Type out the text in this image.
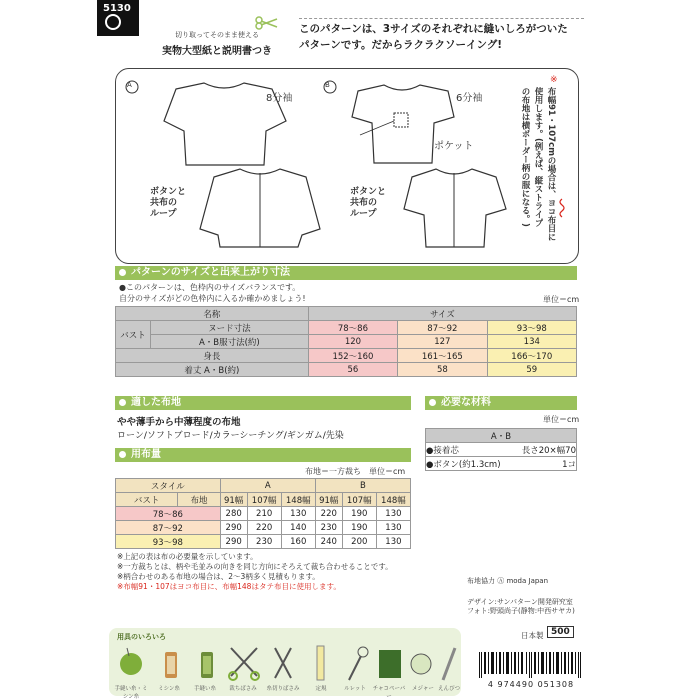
5130
切り取ってそのまま使える
実物大型紙と説明書つき
このパターンは、3サイズのそれぞれに縫いしろがついた
パターンです。だからラクラクソーイング!
A
8分袖
B
6分袖
ポケット
ボタンと
共布の
ループ
ボタンと
共布の
ループ
※
布幅91・107cmの場合は、ヨコ布目に
使用します。(例えば、縦ストライプ
の布地は横ボーダー柄の服になる。)
パターンのサイズと出来上がり寸法
●このパターンは、色枠内のサイズバランスです。
自分のサイズがどの色枠内に入るか確かめましょう!	単位＝cm
名称		サイズ		
バスト	ヌード寸法	78〜86	87〜92	93〜98
	A・B服寸法(約)	120	127	134
身長		152〜160	161〜165	166〜170
着丈 A・B(約)		56	58	59
適した布地
やや薄手から中薄程度の布地
ローン/ソフトブロード/カラーシーチング/ギンガム/先染
必要な材料
単位＝cm
A・B	
●接着芯	長さ20×幅70
●ボタン(約1.3cm)	1コ
用布量
布地＝一方裁ち　単位＝cm
スタイル		A			B		
バスト	布地	91幅	107幅	148幅	91幅	107幅	148幅
78〜86		280	210	130	220	190	130
87〜92		290	220	140	230	190	130
93〜98		290	230	160	240	200	130
※上記の表は布の必要量を示しています。
※一方裁ちとは、柄や毛並みの向きを同じ方向にそろえて裁ち合わせることです。
※柄合わせのある布地の場合は、2〜3柄多く見積もります。
※布幅91・107はヨコ布目に、布幅148はタテ布目に使用します。
布地協力 Ⓐ moda Japan
デザイン:サンパターン開発研究室
フォト:野頭尚子(静物:中西サヤカ)
日本製 500
用具のいろいろ
手縫い糸・ミシン糸
ミシン糸	手縫い糸	裁ちばさみ	糸切りばさみ	定規	ルレット	チャコペーパー
メジャー えんぴつ	4 974490 051308
